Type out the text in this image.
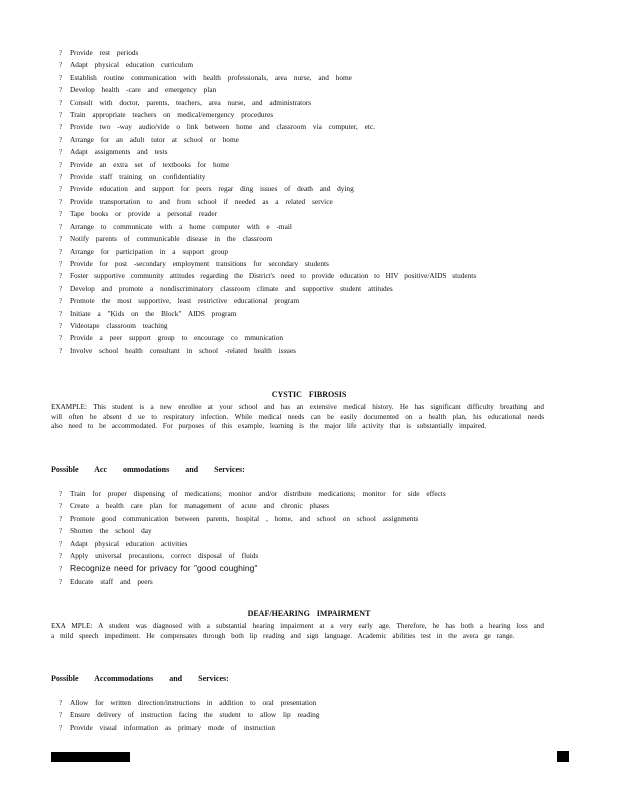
? Provide rest periods
? Adapt physical education curriculum
? Establish routine communication with health professionals, area nurse, and home
? Develop health -care and emergency plan
? Consult with doctor, parents, teachers, area nurse, and administrators
? Train appropriate teachers on medical/emergency procedures
? Provide two -way audio/vide o link between home and classroom via computer, etc.
? Arrange for an adult tutor at school or home
? Adapt assignments and tests
? Provide an extra set of textbooks for home
? Provide staff training on confidentiality
? Provide education and support for peers regar ding issues of death and dying
? Provide transportation to and from school if needed as a related service
? Tape books or provide a personal reader
? Arrange to communicate with a home computer with e -mail
? Notify parents of communicable disease in the classroom
? Arrange for participation in a support group
? Provide for post -secondary employment transitions for secondary students
? Foster supportive community attitudes regarding the District's need to provide education to HIV positive/AIDS students
? Develop and promote a nondiscriminatory classroom climate and supportive student attitudes
? Promote the most supportive, least restrictive educational program
? Initiate a "Kids on the Block" AIDS program
? Videotape classroom teaching
? Provide a peer support group to encourage co mmunication
? Involve school health consultant in school -related health issues
CYSTIC FIBROSIS
EXAMPLE: This student is a new enrollee at your school and has an extensive medical history. He has significant difficulty breathing and will often be absent d ue to respiratory infection. While medical needs can be easily documented on a health plan, his educational needs also need to be accommodated. For purposes of this example, learning is the major life activity that is substantially impaired.
Possible Acc ommodations and Services:
? Train for proper dispensing of medications; monitor and/or distribute medications; monitor for side effects
? Create a health care plan for management of acute and chronic phases
? Promote good communication between parents, hospital , home, and school on school assignments
? Shorten the school day
? Adapt physical education activities
? Apply universal precautions, correct disposal of fluids
? Recognize need for privacy for "good coughing"
? Educate staff and peers
DEAF/HEARING IMPAIRMENT
EXA MPLE: A student was diagnosed with a substantial hearing impairment at a very early age. Therefore, he has both a hearing loss and a mild speech impediment. He compensates through both lip reading and sign language. Academic abilities test in the avera ge range.
Possible Accommodations and Services:
? Allow for written direction/instructions in addition to oral presentation
? Ensure delivery of instruction facing the student to allow lip reading
? Provide visual information as primary mode of instruction
